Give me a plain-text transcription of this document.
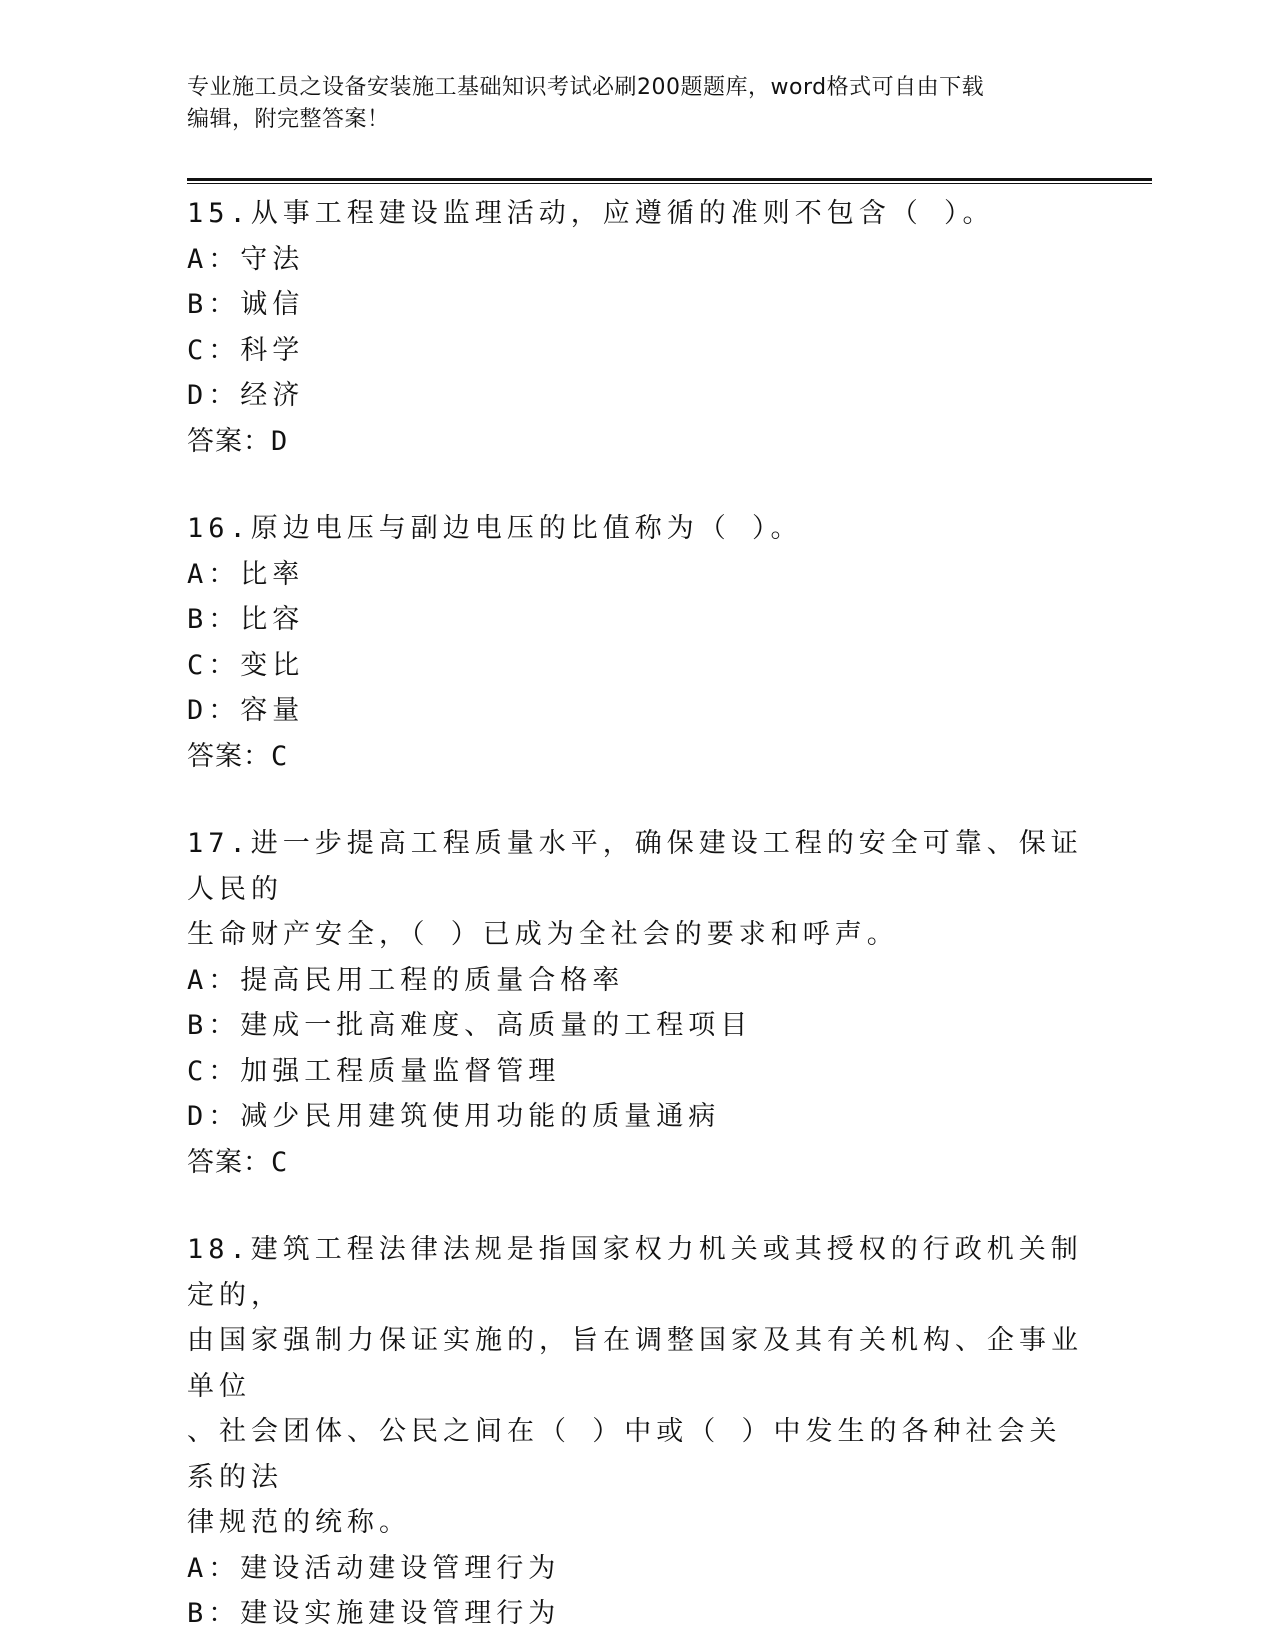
专业施工员之设备安装施工基础知识考试必刷200题题库，word格式可自由下载
编辑，附完整答案！
15.从事工程建设监理活动，应遵循的准则不包含（ ）。
A：守法
B：诚信
C：科学
D：经济
答案：D
16.原边电压与副边电压的比值称为（ ）。
A：比率
B：比容
C：变比
D：容量
答案：C
17.进一步提高工程质量水平，确保建设工程的安全可靠、保证人民的
生命财产安全，（ ）已成为全社会的要求和呼声。
A：提高民用工程的质量合格率
B：建成一批高难度、高质量的工程项目
C：加强工程质量监督管理
D：减少民用建筑使用功能的质量通病
答案：C
18.建筑工程法律法规是指国家权力机关或其授权的行政机关制定的，
由国家强制力保证实施的，旨在调整国家及其有关机构、企事业单位
、社会团体、公民之间在（ ）中或（ ）中发生的各种社会关系的法
律规范的统称。
A：建设活动建设管理行为
B：建设实施建设管理行为
